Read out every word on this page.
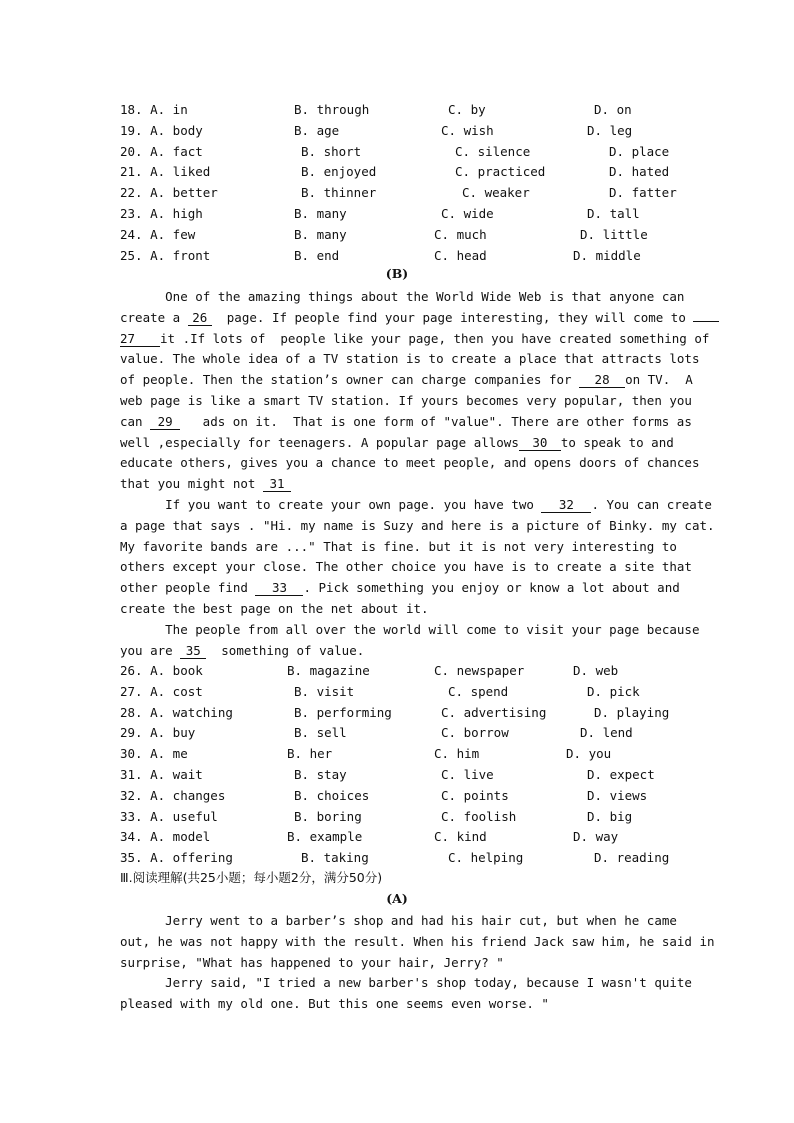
18. A. in	B. through	C. by	D. on
19. A. body	B. age	C. wish	D. leg
20. A. fact	B. short	C. silence	D. place
21. A. liked	B. enjoyed	C. practiced	D. hated
22. A. better	B. thinner	C. weaker	D. fatter
23. A. high	B. many	C. wide	D. tall
24. A. few	B. many	C. much	D. little
25. A. front	B. end	C. head	D. middle
(B)
One of the amazing things about the World Wide Web is that anyone can
create a 26  page. If people find your page interesting, they will come to
27 it .If lots of  people like your page, then you have created something of
value. The whole idea of a TV station is to create a place that attracts lots
of people. Then the station’s owner can charge companies for 28 on TV.  A
web page is like a smart TV station. If yours becomes very popular, then you
can 29   ads on it.  That is one form of "value". There are other forms as
well ,especially for teenagers. A popular page allows 30 to speak to and
educate others, gives you a chance to meet people, and opens doors of chances
that you might not 31
If you want to create your own page. you have two 32 . You can create
a page that says . "Hi. my name is Suzy and here is a picture of Binky. my cat.
My favorite bands are ..." That is fine. but it is not very interesting to
others except your close. The other choice you have is to create a site that
other people find 33 . Pick something you enjoy or know a lot about and
create the best page on the net about it.
The people from all over the world will come to visit your page because
you are 35  something of value.
26. A. book	B. magazine	C. newspaper	D. web
27. A. cost	B. visit	C. spend	D. pick
28. A. watching	B. performing	C. advertising	D. playing
29. A. buy	B. sell	C. borrow	D. lend
30. A. me	B. her	C. him	D. you
31. A. wait	B. stay	C. live	D. expect
32. A. changes	B. choices	C. points	D. views
33. A. useful	B. boring	C. foolish	D. big
34. A. model	B. example	C. kind	D. way
35. A. offering	B. taking	C. helping	D. reading
Ⅲ.阅读理解(共25小题；每小题2分，满分50分)
(A)
Jerry went to a barber’s shop and had his hair cut, but when he came
out, he was not happy with the result. When his friend Jack saw him, he said in
surprise, "What has happened to your hair, Jerry? "
Jerry said, "I tried a new barber's shop today, because I wasn't quite
pleased with my old one. But this one seems even worse. "
